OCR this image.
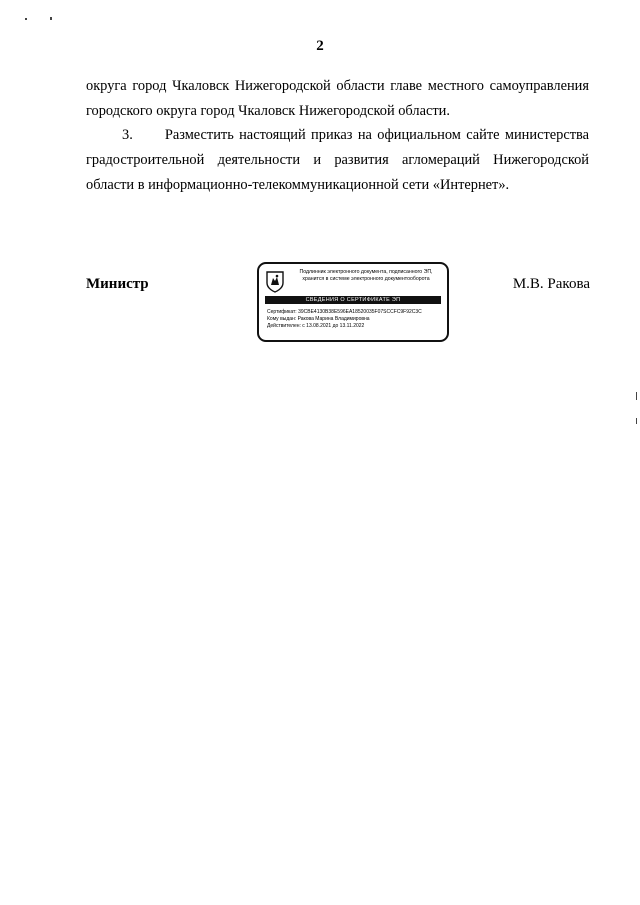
2
округа город Чкаловск Нижегородской области главе местного самоуправления
городского округа город Чкаловск Нижегородской области.
3.      Разместить настоящий приказ на официальном сайте министерства
градостроительной деятельности и развития агломераций Нижегородской
области в информационно-телекоммуникационной сети «Интернет».
Министр
Подлинник электронного документа, подписанного ЭП,
хранится в системе электронного документооборота
СВЕДЕНИЯ О СЕРТИФИКАТЕ ЭП
Сертификат: 39CBE4130B38E596EA18520035F07SCCFC9F92C3C
Кому выдан: Ракова Марина Владимировна
Действителен: с 13.08.2021 до 13.11.2022
М.В. Ракова
